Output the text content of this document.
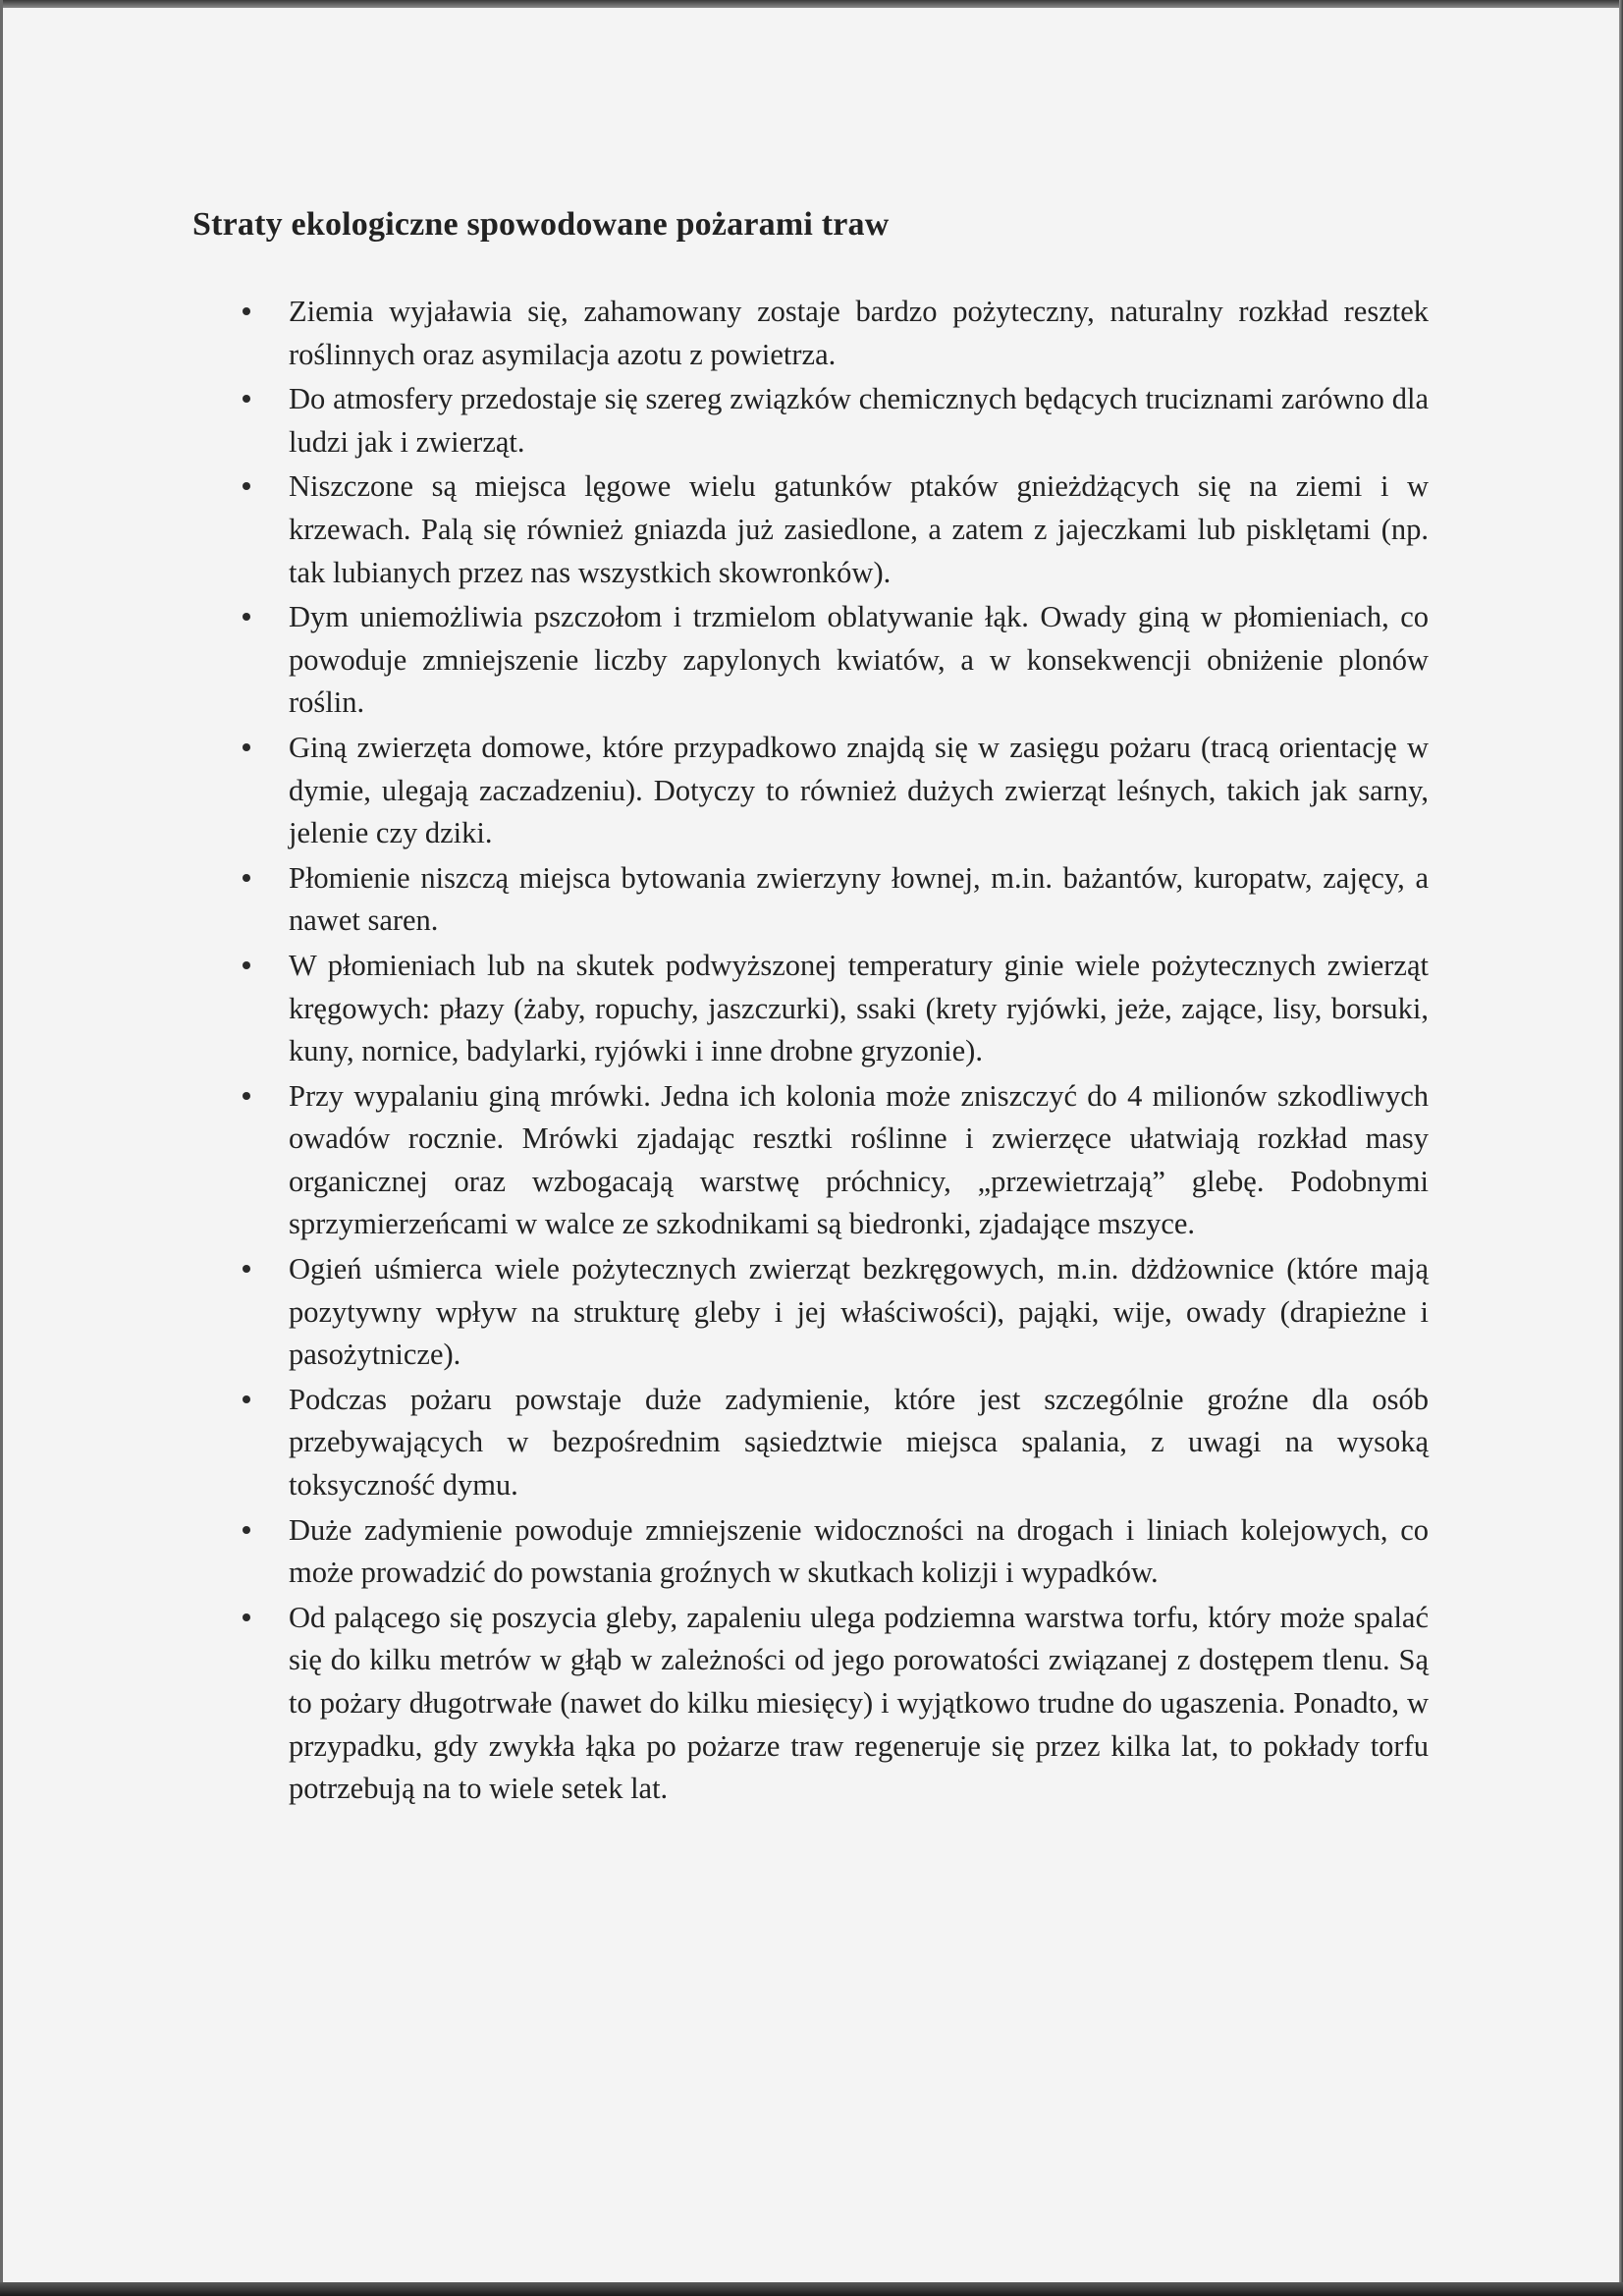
Straty ekologiczne spowodowane pożarami traw
Ziemia wyjaławia się, zahamowany zostaje bardzo pożyteczny, naturalny rozkład resztek roślinnych oraz asymilacja azotu z powietrza.
Do atmosfery przedostaje się szereg związków chemicznych będących truciznami zarówno dla ludzi jak i zwierząt.
Niszczone są miejsca lęgowe wielu gatunków ptaków gnieżdżących się na ziemi i w krzewach. Palą się również gniazda już zasiedlone, a zatem z jajeczkami lub pisklętami (np. tak lubianych przez nas wszystkich skowronków).
Dym uniemożliwia pszczołom i trzmielom oblatywanie łąk. Owady giną w płomieniach, co powoduje zmniejszenie liczby zapylonych kwiatów, a w konsekwencji obniżenie plonów roślin.
Giną zwierzęta domowe, które przypadkowo znajdą się w zasięgu pożaru (tracą orientację w dymie, ulegają zaczadzeniu). Dotyczy to również dużych zwierząt leśnych, takich jak sarny, jelenie czy dziki.
Płomienie niszczą miejsca bytowania zwierzyny łownej, m.in. bażantów, kuropatw, zajęcy, a nawet saren.
W płomieniach lub na skutek podwyższonej temperatury ginie wiele pożytecznych zwierząt kręgowych: płazy (żaby, ropuchy, jaszczurki), ssaki (krety ryjówki, jeże, zające, lisy, borsuki, kuny, nornice, badylarki, ryjówki i inne drobne gryzonie).
Przy wypalaniu giną mrówki. Jedna ich kolonia może zniszczyć do 4 milionów szkodliwych owadów rocznie. Mrówki zjadając resztki roślinne i zwierzęce ułatwiają rozkład masy organicznej oraz wzbogacają warstwę próchnicy, „przewietrzają” glebę. Podobnymi sprzymierzeńcami w walce ze szkodnikami są biedronki, zjadające mszyce.
Ogień uśmierca wiele pożytecznych zwierząt bezkręgowych, m.in. dżdżownice (które mają pozytywny wpływ na strukturę gleby i jej właściwości), pająki, wije, owady (drapieżne i pasożytnicze).
Podczas pożaru powstaje duże zadymienie, które jest szczególnie groźne dla osób przebywających w bezpośrednim sąsiedztwie miejsca spalania, z uwagi na wysoką toksyczność dymu.
Duże zadymienie powoduje zmniejszenie widoczności na drogach i liniach kolejowych, co może prowadzić do powstania groźnych w skutkach kolizji i wypadków.
Od palącego się poszycia gleby, zapaleniu ulega podziemna warstwa torfu, który może spalać się do kilku metrów w głąb w zależności od jego porowatości związanej z dostępem tlenu. Są to pożary długotrwałe (nawet do kilku miesięcy) i wyjątkowo trudne do ugaszenia. Ponadto, w przypadku, gdy zwykła łąka po pożarze traw regeneruje się przez kilka lat, to pokłady torfu potrzebują na to wiele setek lat.
